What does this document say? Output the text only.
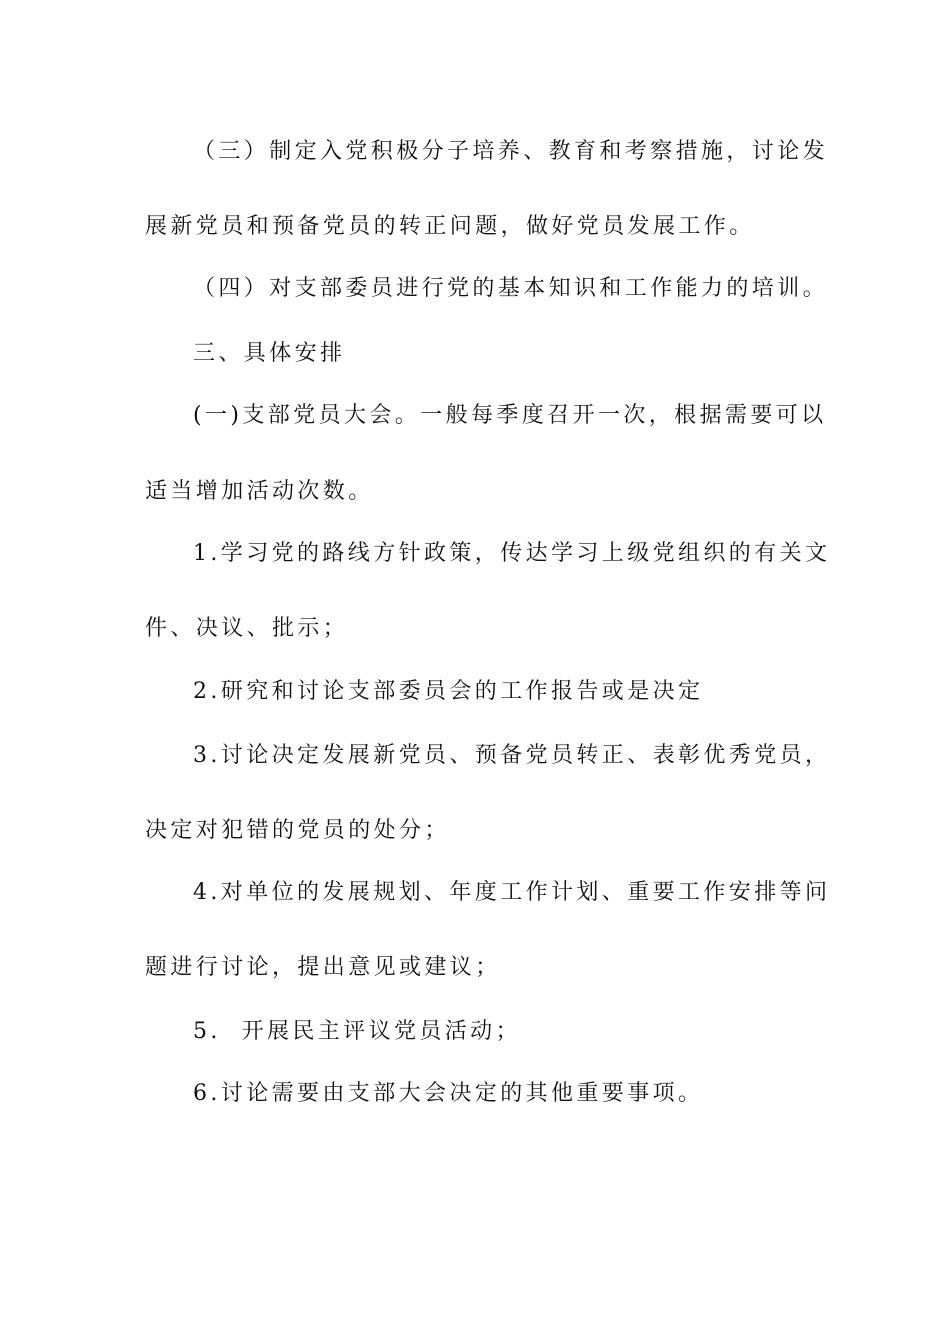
（三）制定入党积极分子培养、教育和考察措施，讨论发
展新党员和预备党员的转正问题，做好党员发展工作。
（四）对支部委员进行党的基本知识和工作能力的培训。
三、具体安排
(一)支部党员大会。一般每季度召开一次，根据需要可以
适当增加活动次数。
1.学习党的路线方针政策，传达学习上级党组织的有关文
件、决议、批示；
2.研究和讨论支部委员会的工作报告或是决定
3.讨论决定发展新党员、预备党员转正、表彰优秀党员，
决定对犯错的党员的处分；
4.对单位的发展规划、年度工作计划、重要工作安排等问
题进行讨论，提出意见或建议；
5.  开展民主评议党员活动；
6.讨论需要由支部大会决定的其他重要事项。
